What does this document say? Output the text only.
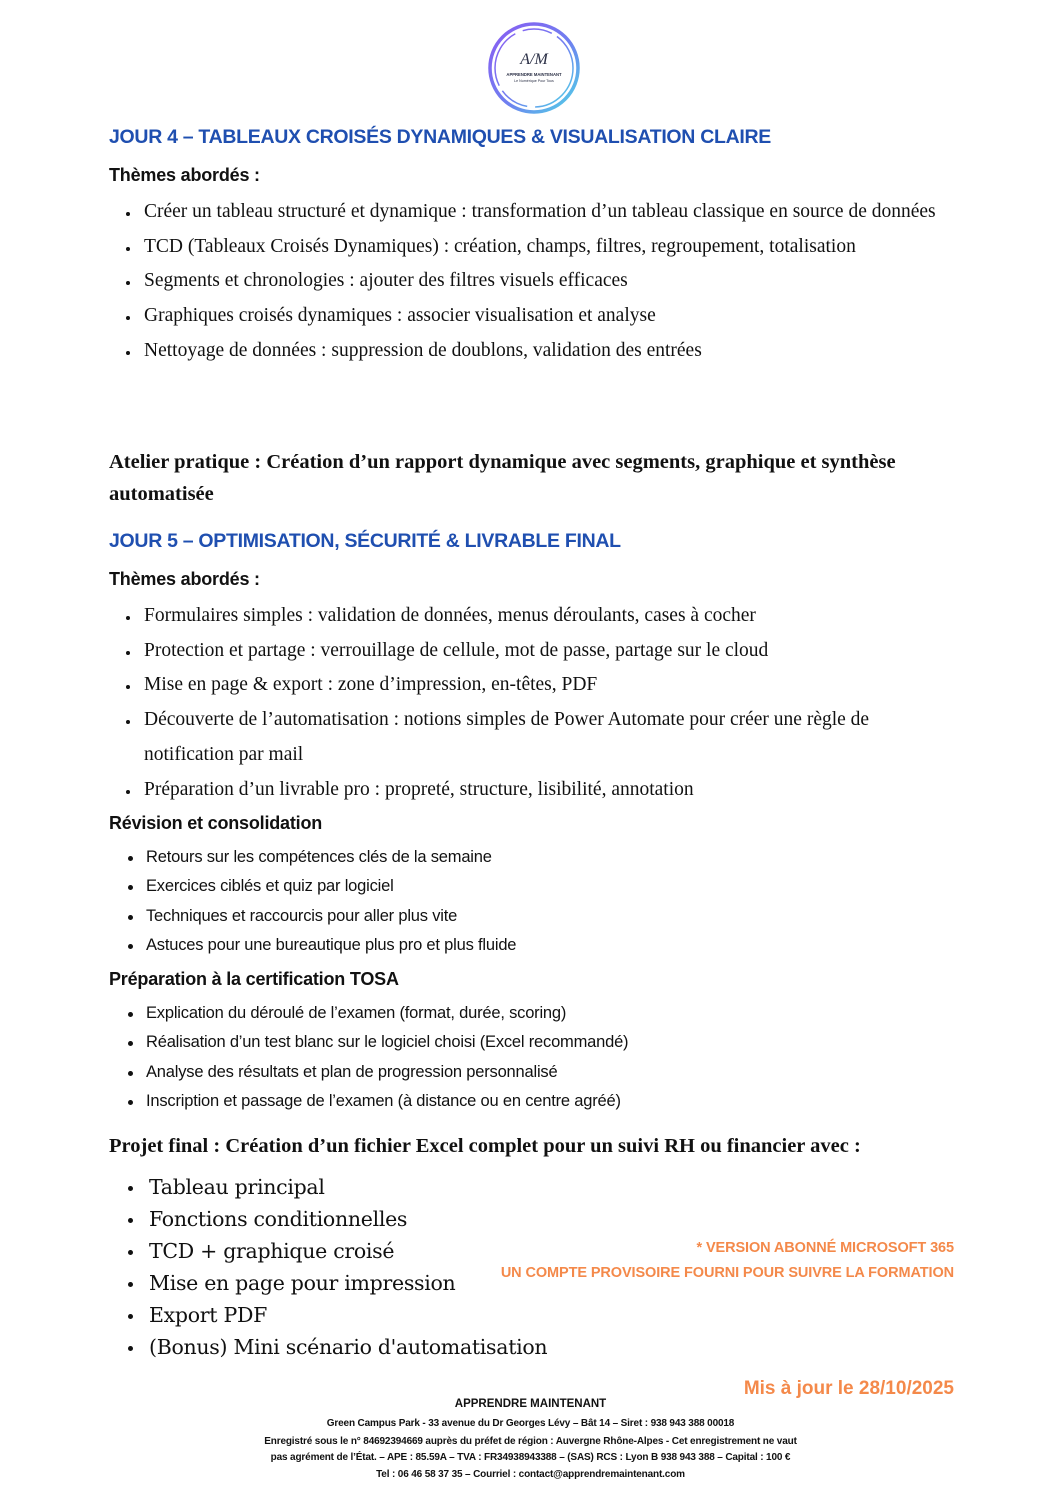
A/M
APPRENDRE MAINTENANT
Le Numérique Pour Tous
JOUR 4 – TABLEAUX CROISÉS DYNAMIQUES & VISUALISATION CLAIRE
Thèmes abordés :
Créer un tableau structuré et dynamique : transformation d’un tableau classique en source de données
TCD (Tableaux Croisés Dynamiques) : création, champs, filtres, regroupement, totalisation
Segments et chronologies : ajouter des filtres visuels efficaces
Graphiques croisés dynamiques : associer visualisation et analyse
Nettoyage de données : suppression de doublons, validation des entrées
Atelier pratique : Création d’un rapport dynamique avec segments, graphique et synthèse automatisée
JOUR 5 – OPTIMISATION, SÉCURITÉ & LIVRABLE FINAL
Thèmes abordés :
Formulaires simples : validation de données, menus déroulants, cases à cocher
Protection et partage : verrouillage de cellule, mot de passe, partage sur le cloud
Mise en page & export : zone d’impression, en-têtes, PDF
Découverte de l’automatisation : notions simples de Power Automate pour créer une règle de notification par mail
Préparation d’un livrable pro : propreté, structure, lisibilité, annotation
Révision et consolidation
Retours sur les compétences clés de la semaine
Exercices ciblés et quiz par logiciel
Techniques et raccourcis pour aller plus vite
Astuces pour une bureautique plus pro et plus fluide
Préparation à la certification TOSA
Explication du déroulé de l’examen (format, durée, scoring)
Réalisation d’un test blanc sur le logiciel choisi (Excel recommandé)
Analyse des résultats et plan de progression personnalisé
Inscription et passage de l’examen (à distance ou en centre agréé)
Projet final : Création d’un fichier Excel complet pour un suivi RH ou financier avec :
Tableau principal
Fonctions conditionnelles
TCD + graphique croisé
Mise en page pour impression
Export PDF
(Bonus) Mini scénario d'automatisation
* VERSION ABONNÉ MICROSOFT 365
UN COMPTE PROVISOIRE FOURNI POUR SUIVRE LA FORMATION
Mis à jour le 28/10/2025
APPRENDRE MAINTENANT
Green Campus Park - 33 avenue du Dr Georges Lévy – Bât 14 – Siret : 938 943 388 00018
Enregistré sous le n° 84692394669 auprès du préfet de région : Auvergne Rhône-Alpes - Cet enregistrement ne vaut
pas agrément de l’État. – APE : 85.59A – TVA : FR34938943388 – (SAS) RCS : Lyon B 938 943 388 – Capital : 100 €
Tel : 06 46 58 37 35 – Courriel : contact@apprendremaintenant.com
